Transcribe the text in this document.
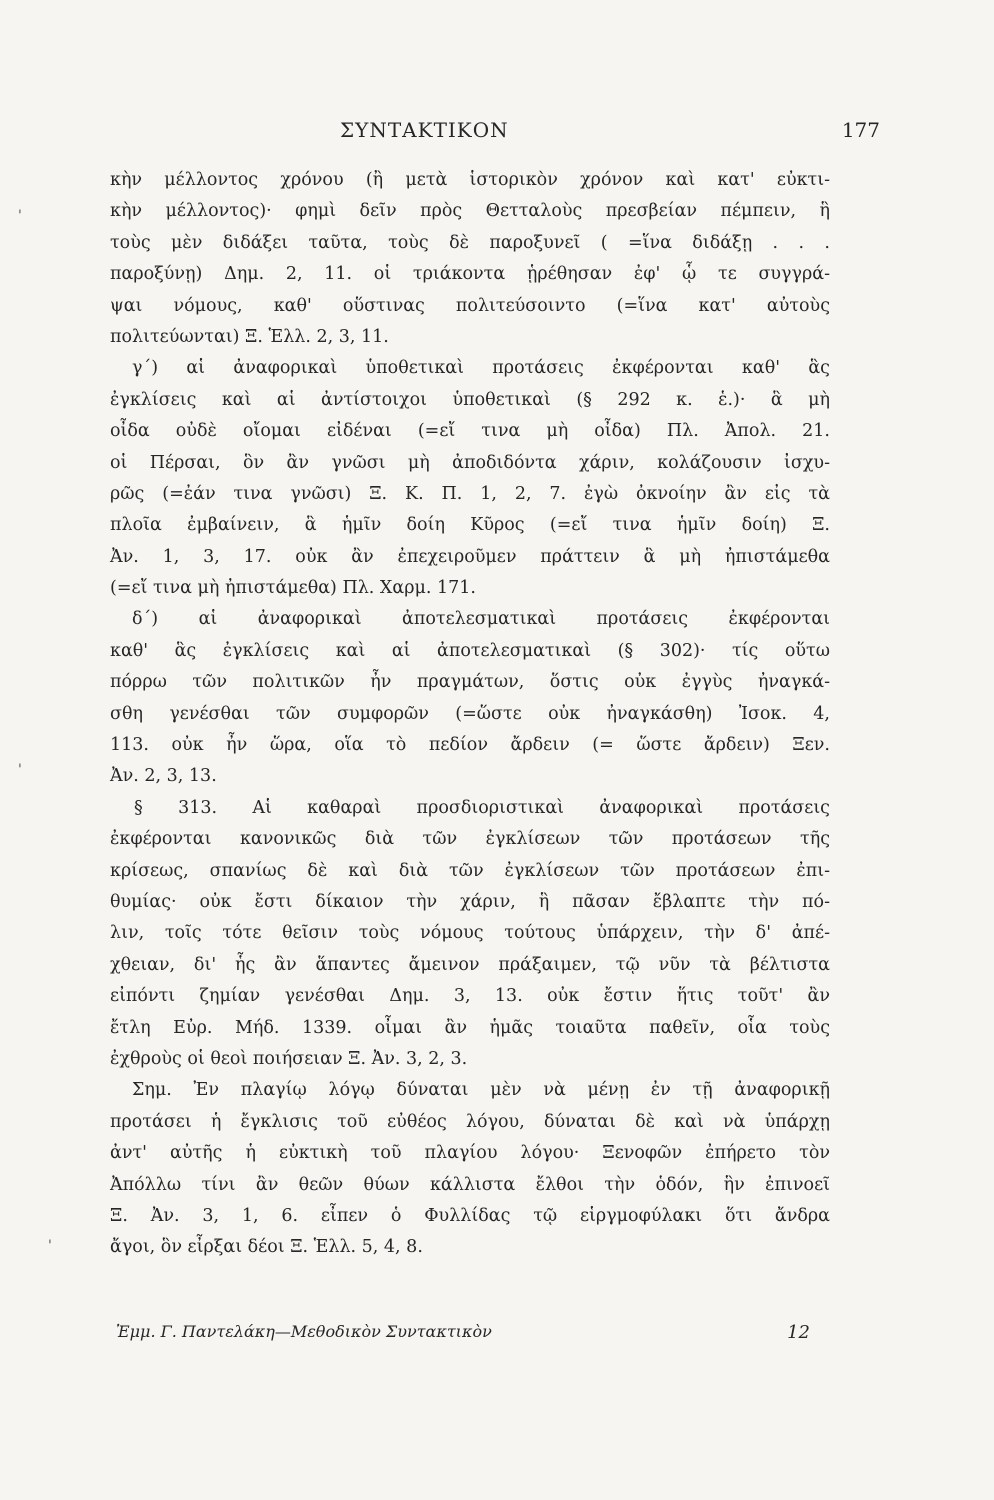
ΣΥΝΤΑΚΤΙΚΟΝ	177
κὴν μέλλοντος χρόνου (ἢ μετὰ ἱστορικὸν χρόνον καὶ κατ' εὐκτι-
κὴν μέλλοντος)· φημὶ δεῖν πρὸς Θετταλοὺς πρεσβείαν πέμπειν, ἣ
τοὺς μὲν διδάξει ταῦτα, τοὺς δὲ παροξυνεῖ ( =ἵνα διδάξῃ . . .
παροξύνῃ) Δημ. 2, 11. οἱ τριάκοντα ᾑρέθησαν ἐφ' ᾧ τε συγγρά-
ψαι νόμους, καθ' οὕστινας πολιτεύσοιντο (=ἵνα κατ' αὐτοὺς
πολιτεύωνται) Ξ. Ἑλλ. 2, 3, 11.
γ΄) αἱ ἀναφορικαὶ ὑποθετικαὶ προτάσεις ἐκφέρονται καθ' ἃς
ἐγκλίσεις καὶ αἱ ἀντίστοιχοι ὑποθετικαὶ (§ 292 κ. ἑ.)· ἃ μὴ
οἶδα οὐδὲ οἴομαι εἰδέναι (=εἴ τινα μὴ οἶδα) Πλ. Ἀπολ. 21.
οἱ Πέρσαι, ὃν ἂν γνῶσι μὴ ἀποδιδόντα χάριν, κολάζουσιν ἰσχυ-
ρῶς (=ἐάν τινα γνῶσι) Ξ. Κ. Π. 1, 2, 7. ἐγὼ ὀκνοίην ἂν εἰς τὰ
πλοῖα ἐμβαίνειν, ἃ ἡμῖν δοίη Κῦρος (=εἴ τινα ἡμῖν δοίη) Ξ.
Ἀν. 1, 3, 17. οὐκ ἂν ἐπεχειροῦμεν πράττειν ἃ μὴ ἠπιστάμεθα
(=εἴ τινα μὴ ἠπιστάμεθα) Πλ. Χαρμ. 171.
δ΄) αἱ ἀναφορικαὶ ἀποτελεσματικαὶ προτάσεις ἐκφέρονται
καθ' ἃς ἐγκλίσεις καὶ αἱ ἀποτελεσματικαὶ (§ 302)· τίς οὕτω
πόρρω τῶν πολιτικῶν ἦν πραγμάτων, ὅστις οὐκ ἐγγὺς ἠναγκά-
σθη γενέσθαι τῶν συμφορῶν (=ὥστε οὐκ ἠναγκάσθη) Ἰσοκ. 4,
113. οὐκ ἦν ὥρα, οἵα τὸ πεδίον ἄρδειν (= ὥστε ἄρδειν) Ξεν.
Ἀν. 2, 3, 13.
§ 313. Αἱ καθαραὶ προσδιοριστικαὶ ἀναφορικαὶ προτάσεις
ἐκφέρονται κανονικῶς διὰ τῶν ἐγκλίσεων τῶν προτάσεων τῆς
κρίσεως, σπανίως δὲ καὶ διὰ τῶν ἐγκλίσεων τῶν προτάσεων ἐπι-
θυμίας· οὐκ ἔστι δίκαιον τὴν χάριν, ἣ πᾶσαν ἔβλαπτε τὴν πό-
λιν, τοῖς τότε θεῖσιν τοὺς νόμους τούτους ὑπάρχειν, τὴν δ' ἀπέ-
χθειαν, δι' ἧς ἂν ἅπαντες ἄμεινον πράξαιμεν, τῷ νῦν τὰ βέλτιστα
εἰπόντι ζημίαν γενέσθαι Δημ. 3, 13. οὐκ ἔστιν ἥτις τοῦτ' ἂν
ἔτλη Εὐρ. Μήδ. 1339. οἶμαι ἂν ἡμᾶς τοιαῦτα παθεῖν, οἷα τοὺς
ἐχθροὺς οἱ θεοὶ ποιήσειαν Ξ. Ἀν. 3, 2, 3.
Σημ. Ἐν πλαγίῳ λόγῳ δύναται μὲν νὰ μένῃ ἐν τῇ ἀναφορικῇ
προτάσει ἡ ἔγκλισις τοῦ εὐθέος λόγου, δύναται δὲ καὶ νὰ ὑπάρχῃ
ἀντ' αὐτῆς ἡ εὐκτικὴ τοῦ πλαγίου λόγου· Ξενοφῶν ἐπήρετο τὸν
Ἀπόλλω τίνι ἂν θεῶν θύων κάλλιστα ἔλθοι τὴν ὁδόν, ἣν ἐπινοεῖ
Ξ. Ἀν. 3, 1, 6. εἶπεν ὁ Φυλλίδας τῷ εἱργμοφύλακι ὅτι ἄνδρα
ἄγοι, ὃν εἶρξαι δέοι Ξ. Ἑλλ. 5, 4, 8.
Ἐμμ. Γ. Παντελάκη—Μεθοδικὸν Συντακτικὸν	12
'
'
'
